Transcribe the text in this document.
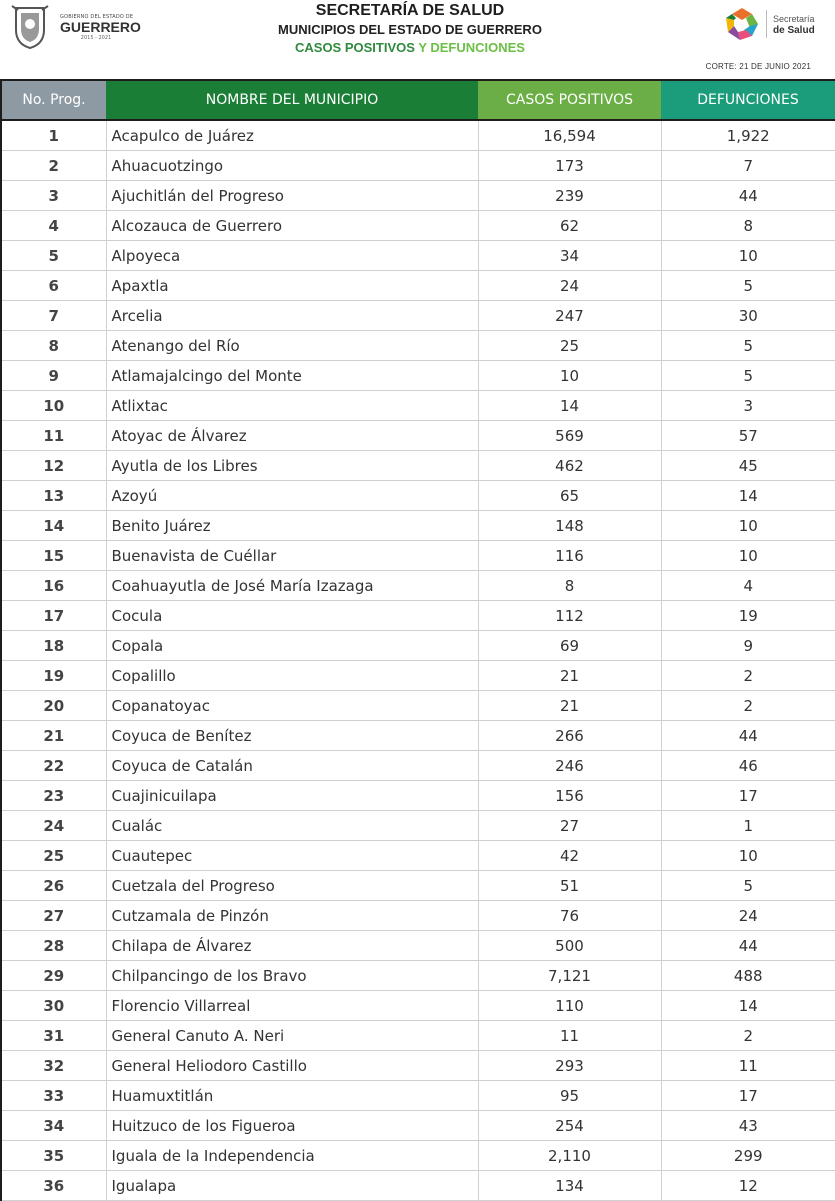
GOBIERNO DEL ESTADO DE
GUERRERO
2015 - 2021
SECRETARÍA DE SALUD
MUNICIPIOS DEL ESTADO DE GUERRERO
CASOS POSITIVOS Y DEFUNCIONES
Secretaría
de Salud
CORTE: 21 DE JUNIO 2021
No. Prog.	NOMBRE DEL MUNICIPIO	CASOS POSITIVOS	DEFUNCIONES
1	Acapulco de Juárez	16,594	1,922
2	Ahuacuotzingo	173	7
3	Ajuchitlán del Progreso	239	44
4	Alcozauca de Guerrero	62	8
5	Alpoyeca	34	10
6	Apaxtla	24	5
7	Arcelia	247	30
8	Atenango del Río	25	5
9	Atlamajalcingo del Monte	10	5
10	Atlixtac	14	3
11	Atoyac de Álvarez	569	57
12	Ayutla de los Libres	462	45
13	Azoyú	65	14
14	Benito Juárez	148	10
15	Buenavista de Cuéllar	116	10
16	Coahuayutla de José María Izazaga	8	4
17	Cocula	112	19
18	Copala	69	9
19	Copalillo	21	2
20	Copanatoyac	21	2
21	Coyuca de Benítez	266	44
22	Coyuca de Catalán	246	46
23	Cuajinicuilapa	156	17
24	Cualác	27	1
25	Cuautepec	42	10
26	Cuetzala del Progreso	51	5
27	Cutzamala de Pinzón	76	24
28	Chilapa de Álvarez	500	44
29	Chilpancingo de los Bravo	7,121	488
30	Florencio Villarreal	110	14
31	General Canuto A. Neri	11	2
32	General Heliodoro Castillo	293	11
33	Huamuxtitlán	95	17
34	Huitzuco de los Figueroa	254	43
35	Iguala de la Independencia	2,110	299
36	Igualapa	134	12
